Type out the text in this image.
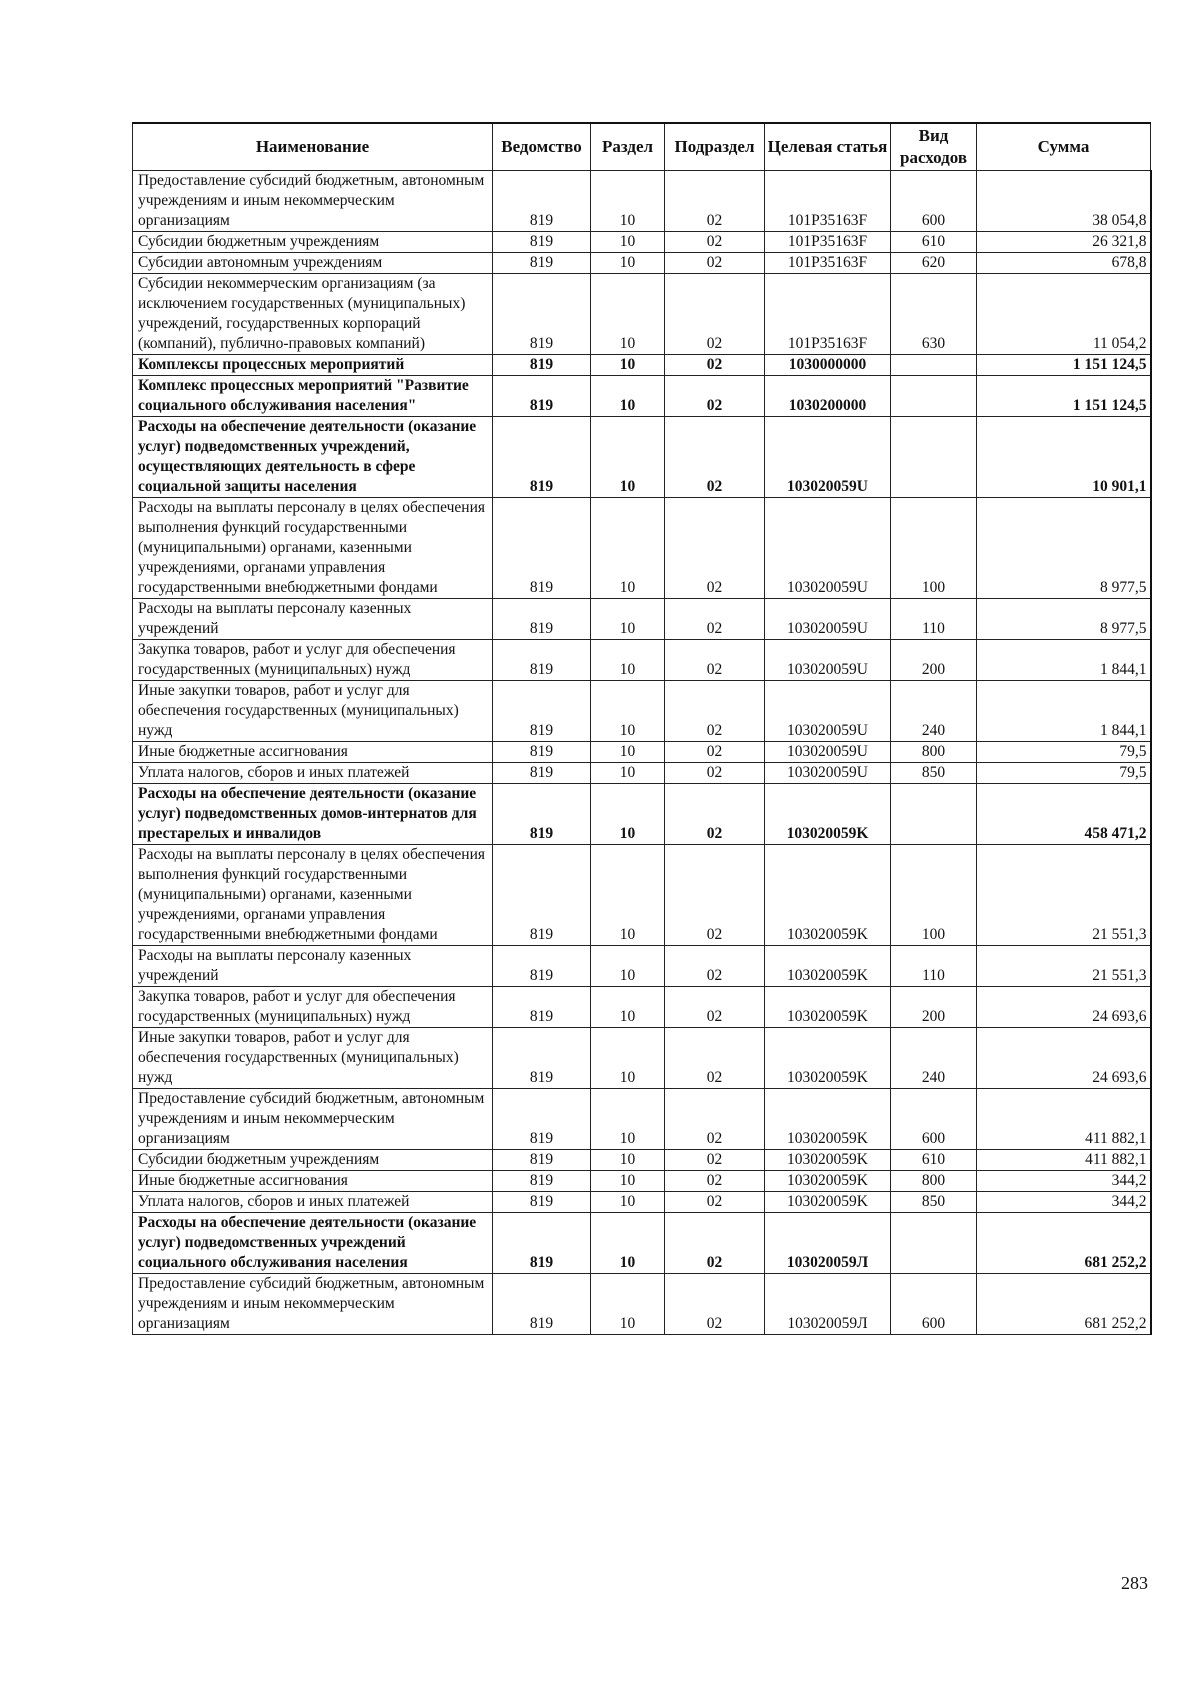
Наименование	Ведомство	Раздел	Подраздел	Целевая статья	Вид расходов	Сумма
Предоставление субсидий бюджетным, автономным учреждениям и иным некоммерческим организациям	819	10	02	101P35163F	600	38 054,8
Субсидии бюджетным учреждениям	819	10	02	101P35163F	610	26 321,8
Субсидии автономным учреждениям	819	10	02	101P35163F	620	678,8
Субсидии некоммерческим организациям (за исключением государственных (муниципальных) учреждений, государственных корпораций (компаний), публично-правовых компаний)	819	10	02	101P35163F	630	11 054,2
Комплексы процессных мероприятий	819	10	02	1030000000		1 151 124,5
Комплекс процессных мероприятий "Развитие социального обслуживания населения"	819	10	02	1030200000		1 151 124,5
Расходы на обеспечение деятельности (оказание услуг) подведомственных учреждений, осуществляющих деятельность в сфере социальной защиты населения	819	10	02	103020059U		10 901,1
Расходы на выплаты персоналу в целях обеспечения выполнения функций государственными (муниципальными) органами, казенными учреждениями, органами управления государственными внебюджетными фондами	819	10	02	103020059U	100	8 977,5
Расходы на выплаты персоналу казенных учреждений	819	10	02	103020059U	110	8 977,5
Закупка товаров, работ и услуг для обеспечения государственных (муниципальных) нужд	819	10	02	103020059U	200	1 844,1
Иные закупки товаров, работ и услуг для обеспечения государственных (муниципальных) нужд	819	10	02	103020059U	240	1 844,1
Иные бюджетные ассигнования	819	10	02	103020059U	800	79,5
Уплата налогов, сборов и иных платежей	819	10	02	103020059U	850	79,5
Расходы на обеспечение деятельности (оказание услуг) подведомственных домов-интернатов для престарелых и инвалидов	819	10	02	103020059K		458 471,2
Расходы на выплаты персоналу в целях обеспечения выполнения функций государственными (муниципальными) органами, казенными учреждениями, органами управления государственными внебюджетными фондами	819	10	02	103020059K	100	21 551,3
Расходы на выплаты персоналу казенных учреждений	819	10	02	103020059K	110	21 551,3
Закупка товаров, работ и услуг для обеспечения государственных (муниципальных) нужд	819	10	02	103020059K	200	24 693,6
Иные закупки товаров, работ и услуг для обеспечения государственных (муниципальных) нужд	819	10	02	103020059K	240	24 693,6
Предоставление субсидий бюджетным, автономным учреждениям и иным некоммерческим организациям	819	10	02	103020059K	600	411 882,1
Субсидии бюджетным учреждениям	819	10	02	103020059K	610	411 882,1
Иные бюджетные ассигнования	819	10	02	103020059K	800	344,2
Уплата налогов, сборов и иных платежей	819	10	02	103020059K	850	344,2
Расходы на обеспечение деятельности (оказание услуг) подведомственных учреждений социального обслуживания населения	819	10	02	103020059Л		681 252,2
Предоставление субсидий бюджетным, автономным учреждениям и иным некоммерческим организациям	819	10	02	103020059Л	600	681 252,2
283
